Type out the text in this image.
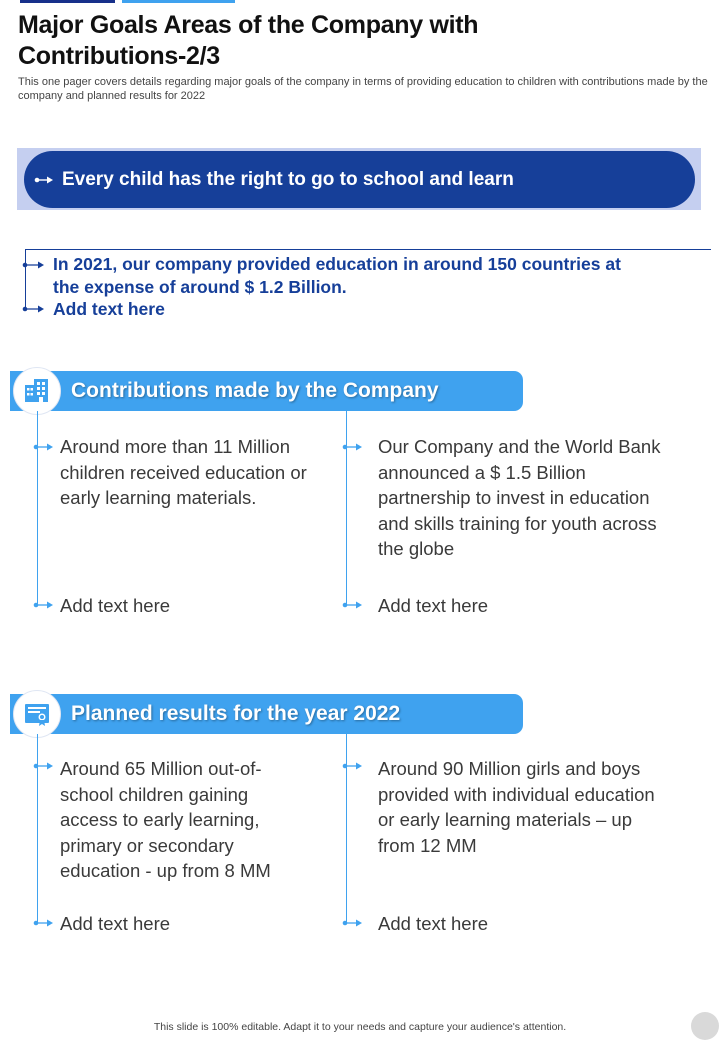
Major Goals Areas of the Company with
Contributions-2/3
This one pager covers details regarding major goals of the company in terms of providing education to children with contributions made by the company and planned results for 2022
Every child has the right to go to school and learn
In 2021, our company provided education in around 150 countries at
the expense of around $ 1.2 Billion.
Add text here
Contributions made by the Company
Around more than 11 Million children received education or early learning materials.
Add text here
Our Company and the World Bank announced a $ 1.5 Billion partnership to invest in education and skills training for youth across the globe
Add text here
Planned results for the year 2022
Around 65 Million out-of-school children gaining access to early learning, primary or secondary education - up from 8 MM
Add text here
Around 90 Million girls and boys provided with individual education or early learning materials – up from 12 MM
Add text here
This slide is 100% editable. Adapt it to your needs and capture your audience's attention.
